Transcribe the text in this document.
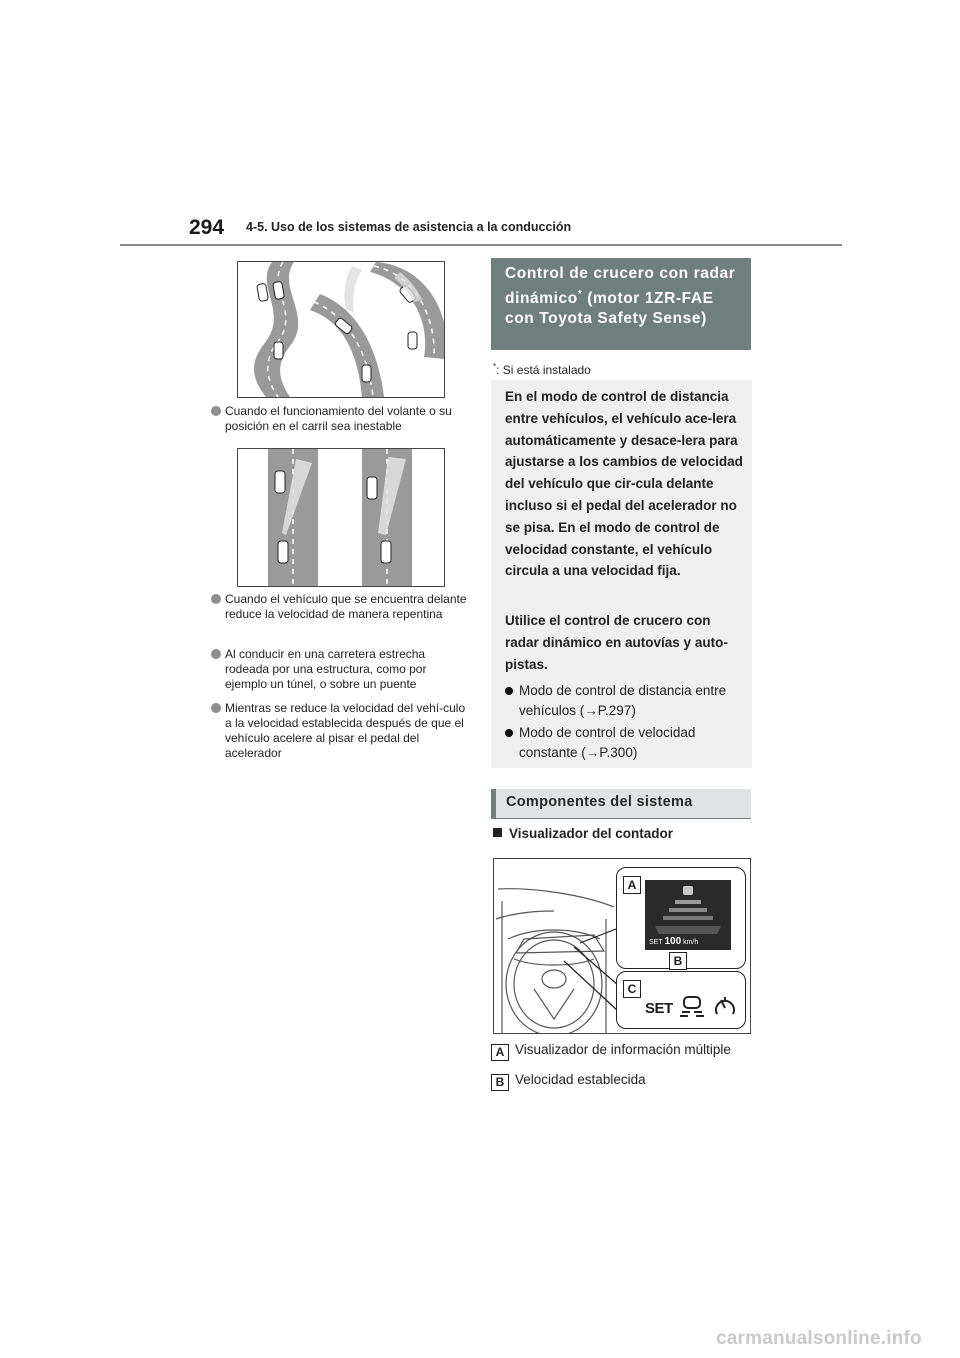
294 4-5. Uso de los sistemas de asistencia a la conducción
Cuando el funcionamiento del volante o su posición en el carril sea inestable
Cuando el vehículo que se encuentra delante reduce la velocidad de manera repentina
Al conducir en una carretera estrecha rodeada por una estructura, como por ejemplo un túnel, o sobre un puente
Mientras se reduce la velocidad del vehí-culo a la velocidad establecida después de que el vehículo acelere al pisar el pedal del acelerador
Control de crucero con radar dinámico* (motor 1ZR-FAE con Toyota Safety Sense)
*: Si está instalado
En el modo de control de distancia entre vehículos, el vehículo ace-lera automáticamente y desace-lera para ajustarse a los cambios de velocidad del vehículo que cir-cula delante incluso si el pedal del acelerador no se pisa. En el modo de control de velocidad constante, el vehículo circula a una velocidad fija.
Utilice el control de crucero con radar dinámico en autovías y auto-pistas.
Modo de control de distancia entre vehículos (→P.297)
Modo de control de velocidad constante (→P.300)
Componentes del sistema
Visualizador del contador
SET 100 km/h
A
B
C
SET
A Visualizador de información múltiple
B Velocidad establecida
carmanualsonline.info
